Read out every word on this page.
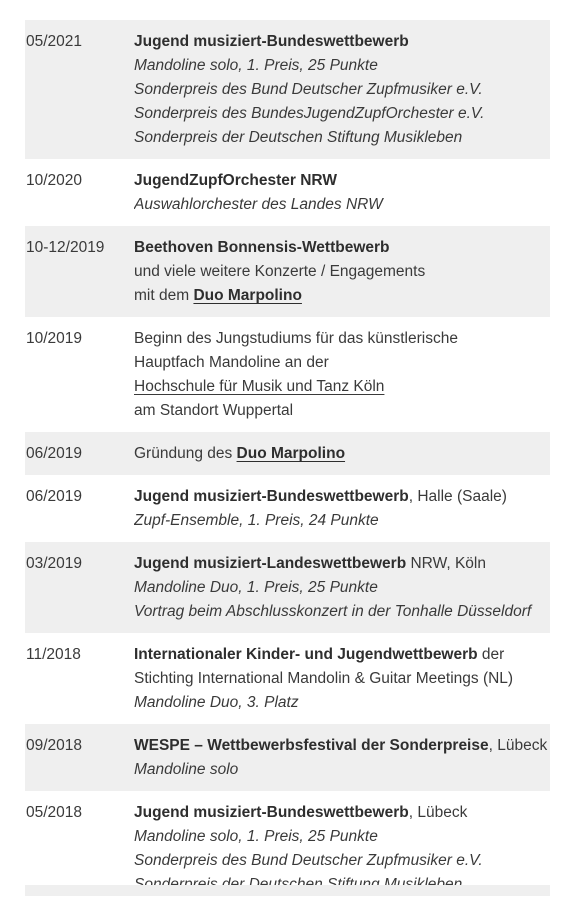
05/2021	Jugend musiziert-Bundeswettbewerb
Mandoline solo, 1. Preis, 25 Punkte
Sonderpreis des Bund Deutscher Zupfmusiker e.V.
Sonderpreis des BundesJugendZupfOrchester e.V.
Sonderpreis der Deutschen Stiftung Musikleben
10/2020	JugendZupfOrchester NRW
Auswahlorchester des Landes NRW
10-12/2019	Beethoven Bonnensis-Wettbewerb
und viele weitere Konzerte / Engagements
mit dem Duo Marpolino
10/2019	Beginn des Jungstudiums für das künstlerische
Hauptfach Mandoline an der
Hochschule für Musik und Tanz Köln
am Standort Wuppertal
06/2019	Gründung des Duo Marpolino
06/2019	Jugend musiziert-Bundeswettbewerb, Halle (Saale)
Zupf-Ensemble, 1. Preis, 24 Punkte
03/2019	Jugend musiziert-Landeswettbewerb NRW, Köln
Mandoline Duo, 1. Preis, 25 Punkte
Vortrag beim Abschlusskonzert in der Tonhalle Düsseldorf
11/2018	Internationaler Kinder- und Jugendwettbewerb der
Stichting International Mandolin & Guitar Meetings (NL)
Mandoline Duo, 3. Platz
09/2018	WESPE – Wettbewerbsfestival der Sonderpreise, Lübeck
Mandoline solo
05/2018	Jugend musiziert-Bundeswettbewerb, Lübeck
Mandoline solo, 1. Preis, 25 Punkte
Sonderpreis des Bund Deutscher Zupfmusiker e.V.
